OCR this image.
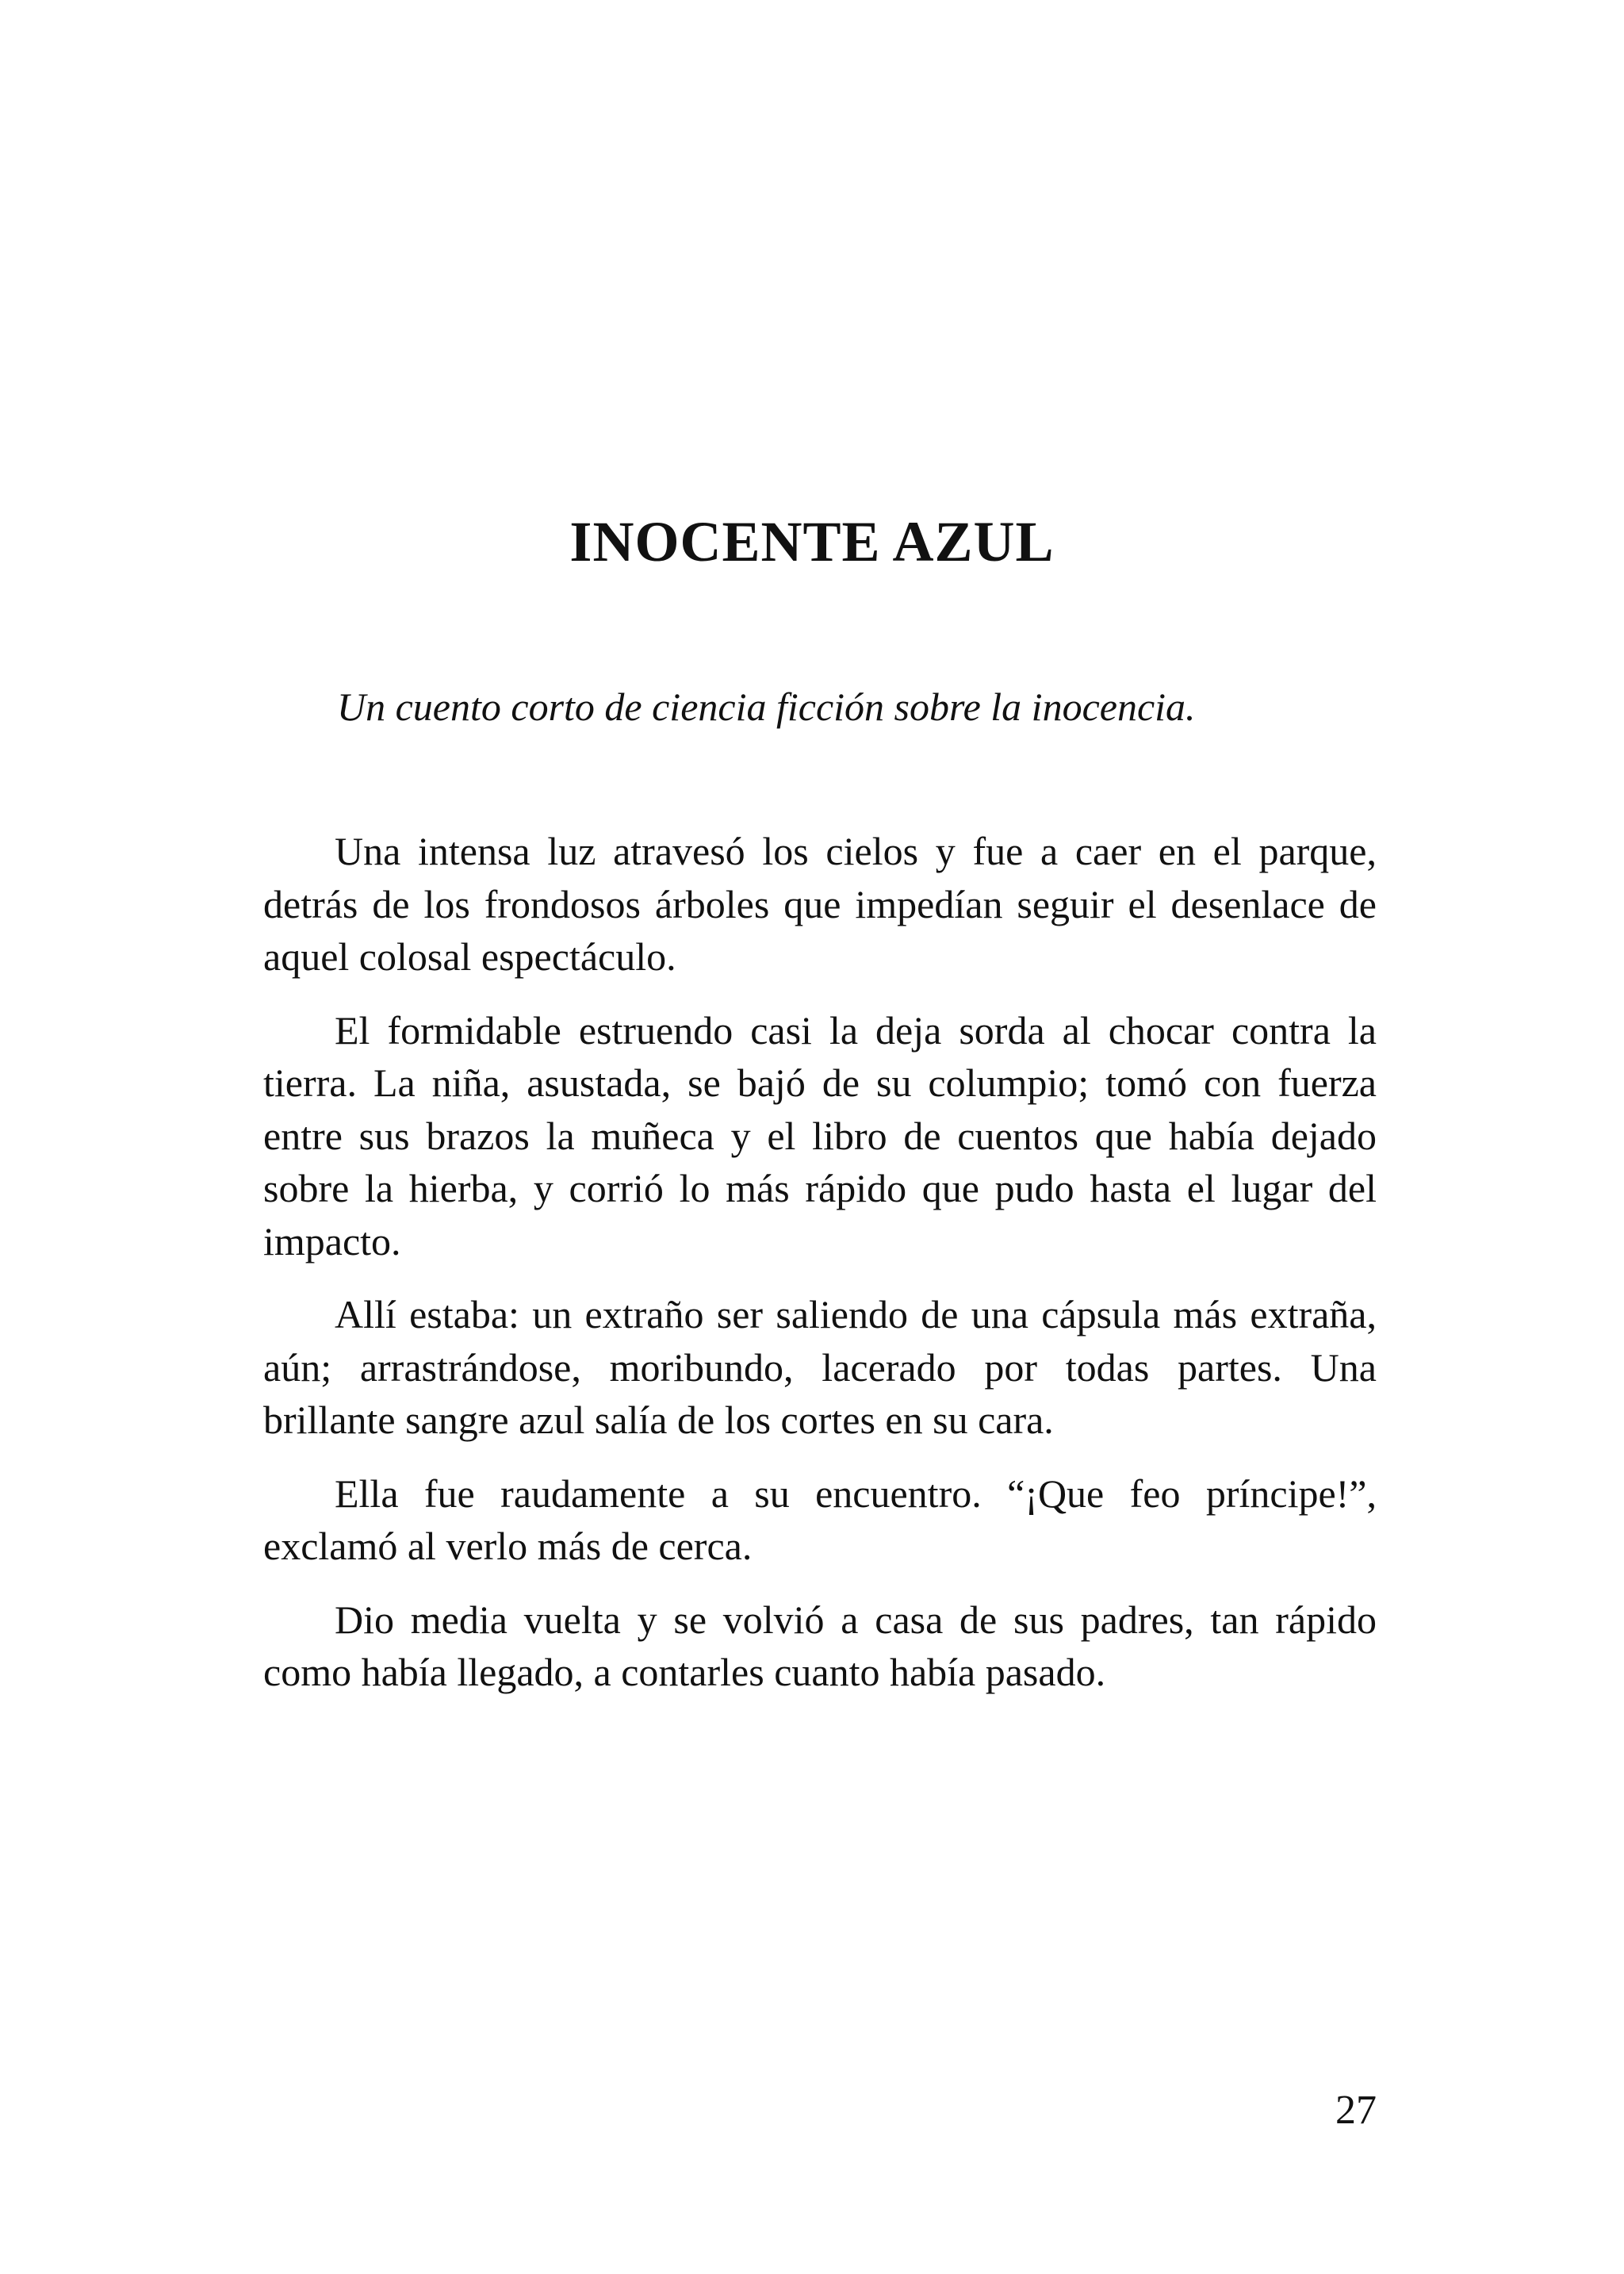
INOCENTE AZUL

Un cuento corto de ciencia ficción sobre la inocencia.

Una intensa luz atravesó los cielos y fue a caer en el parque, detrás de los frondosos árboles que impedían seguir el desenlace de aquel colosal espectáculo.

El formidable estruendo casi la deja sorda al chocar contra la tierra. La niña, asustada, se bajó de su columpio; tomó con fuerza entre sus brazos la muñeca y el libro de cuentos que había dejado sobre la hierba, y corrió lo más rápido que pudo hasta el lugar del impacto.

Allí estaba: un extraño ser saliendo de una cápsula más extraña, aún; arrastrándose, moribundo, lacerado por todas partes. Una brillante sangre azul salía de los cortes en su cara.

Ella fue raudamente a su encuentro. “¡Que feo príncipe!”, exclamó al verlo más de cerca.

Dio media vuelta y se volvió a casa de sus padres, tan rápido como había llegado, a contarles cuanto había pasado.

27
